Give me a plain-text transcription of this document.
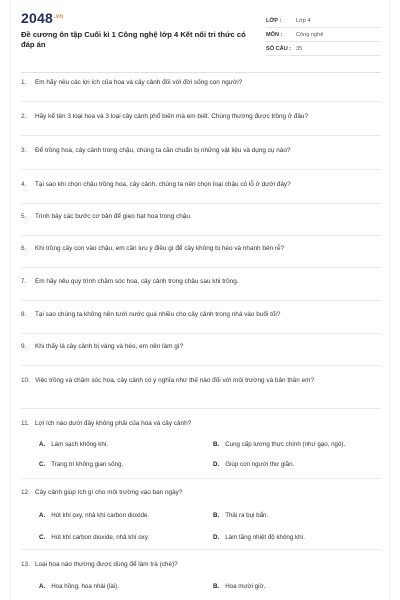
$2048^{.vn}$
Đề cương ôn tập Cuối kì 1 Công nghệ lớp 4 Kết nối tri thức có đáp án
LỚP :	Lớp 4
MÔN :	Công nghệ
SỐ CÂU : 35
1.	Em hãy nêu các lợi ích của hoa và cây cảnh đối với đời sống con người?
2.	Hãy kể tên 3 loại hoa và 3 loại cây cảnh phổ biến mà em biết. Chúng thường được trồng ở đâu?
3.	Để trồng hoa, cây cảnh trong chậu, chúng ta cần chuẩn bị những vật liệu và dụng cụ nào?
4.	Tại sao khi chọn chậu trồng hoa, cây cảnh, chúng ta nên chọn loại chậu có lỗ ở dưới đáy?
5.	Trình bày các bước cơ bản để gieo hạt hoa trong chậu.
6.	Khi trồng cây con vào chậu, em cần lưu ý điều gì để cây không bị héo và nhanh bén rễ?
7.	Em hãy nêu quy trình chăm sóc hoa, cây cảnh trong chậu sau khi trồng.
8.	Tại sao chúng ta không nên tưới nước quá nhiều cho cây cảnh trong nhà vào buổi tối?
9.	Khi thấy lá cây cảnh bị vàng và héo, em nên làm gì?
10. Việc trồng và chăm sóc hoa, cây cảnh có ý nghĩa như thế nào đối với môi trường và bản thân em?
11. Lợi ích nào dưới đây không phải của hoa và cây cảnh?
A. Làm sạch không khí.	B. Cung cấp lương thực chính (như gạo, ngô).
C. Trang trí không gian sống.	D. Giúp con người thư giãn.
12. Cây cảnh giúp ích gì cho môi trường vào ban ngày?
A. Hút khí oxy, nhả khí carbon dioxide.	B. Thải ra bụi bẩn.
C. Hút khí carbon dioxide, nhả khí oxy.	D. Làm tăng nhiệt độ không khí.
13. Loại hoa nào thường được dùng để làm trà (chè)?
A. Hoa hồng, hoa nhài (lài).	B. Hoa mười giờ.
